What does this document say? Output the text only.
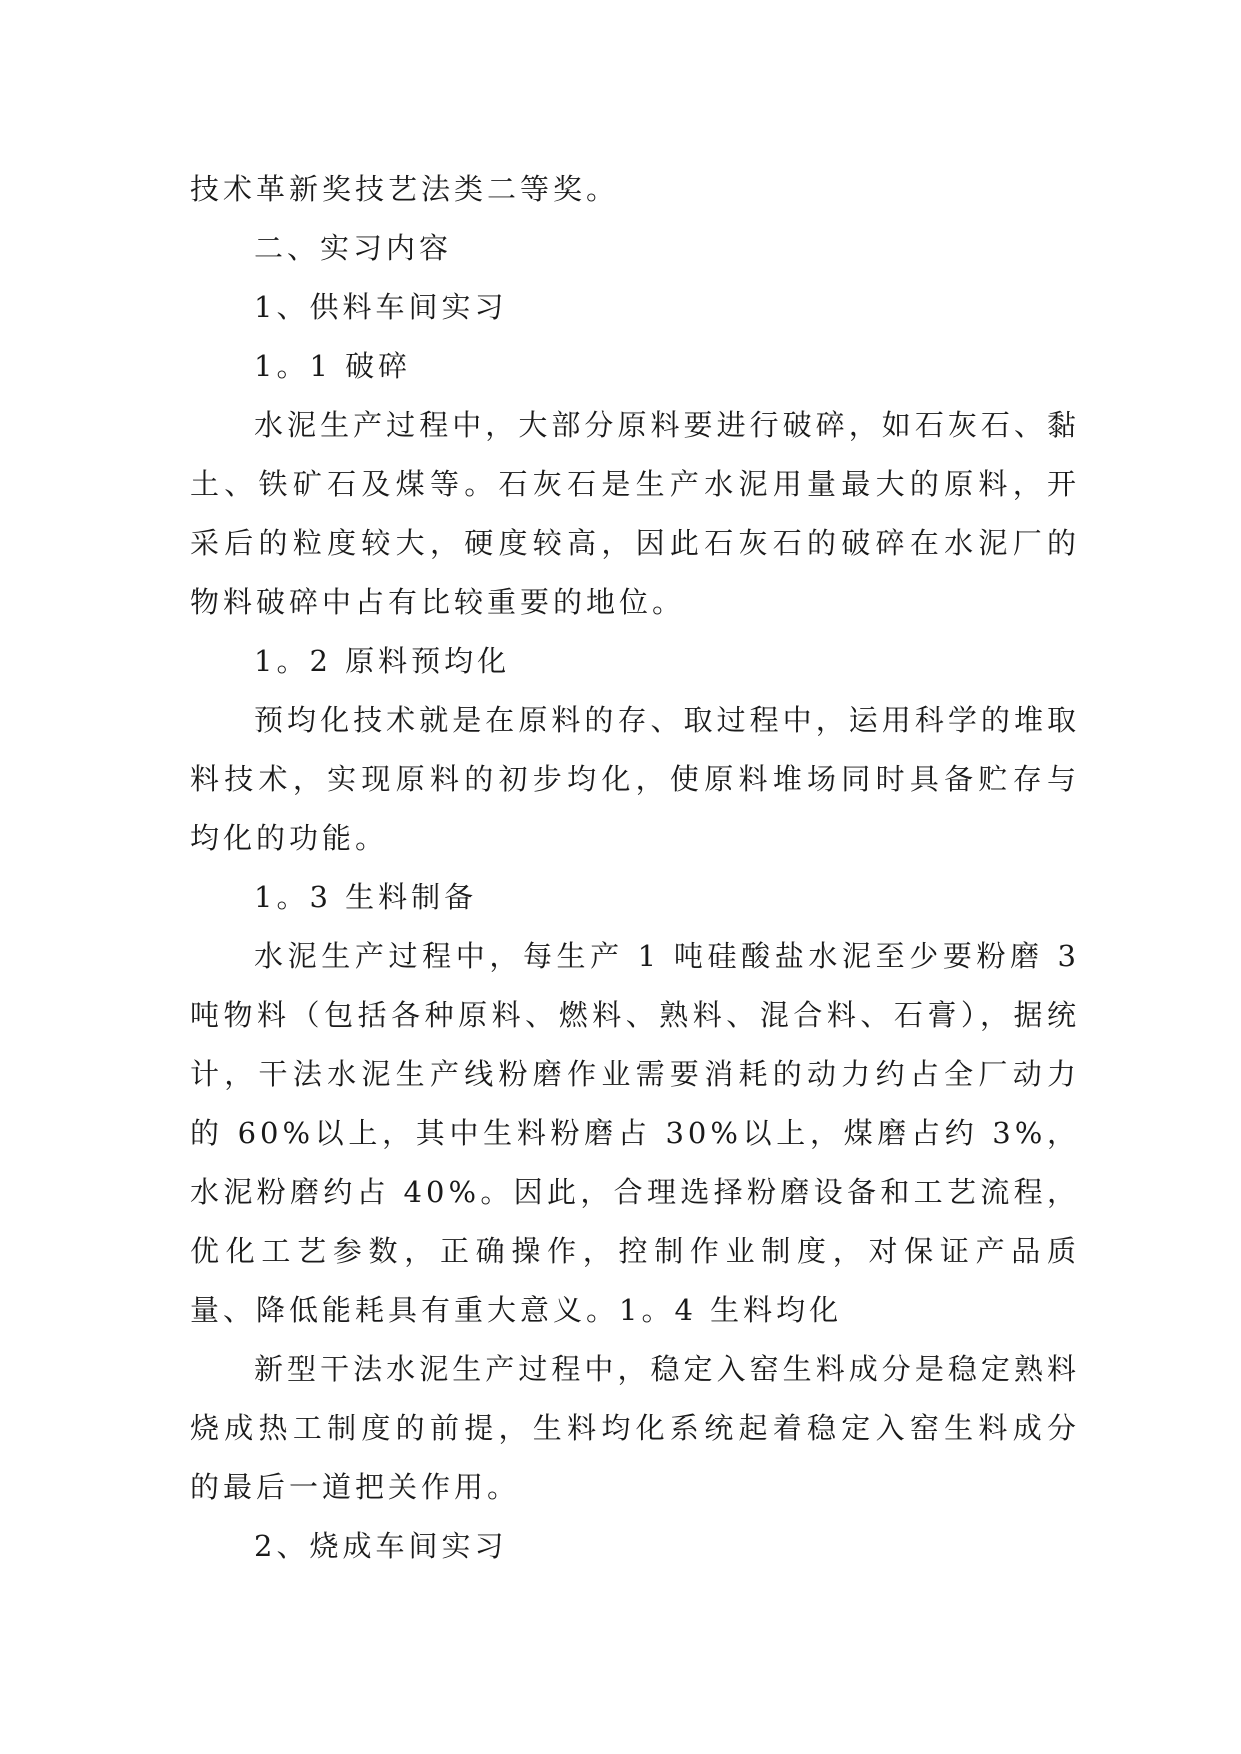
技术革新奖技艺法类二等奖。

二、实习内容

1、供料车间实习

1。1 破碎

水泥生产过程中，大部分原料要进行破碎，如石灰石、黏土、铁矿石及煤等。石灰石是生产水泥用量最大的原料，开采后的粒度较大，硬度较高，因此石灰石的破碎在水泥厂的物料破碎中占有比较重要的地位。

1。2 原料预均化

预均化技术就是在原料的存、取过程中，运用科学的堆取料技术，实现原料的初步均化，使原料堆场同时具备贮存与均化的功能。

1。3 生料制备

水泥生产过程中，每生产 1 吨硅酸盐水泥至少要粉磨 3 吨物料（包括各种原料、燃料、熟料、混合料、石膏），据统计，干法水泥生产线粉磨作业需要消耗的动力约占全厂动力的 60%以上，其中生料粉磨占 30%以上，煤磨占约 3%，水泥粉磨约占 40%。因此，合理选择粉磨设备和工艺流程，优化工艺参数，正确操作，控制作业制度，对保证产品质量、降低能耗具有重大意义。1。4 生料均化

新型干法水泥生产过程中，稳定入窑生料成分是稳定熟料烧成热工制度的前提，生料均化系统起着稳定入窑生料成分的最后一道把关作用。

2、烧成车间实习
